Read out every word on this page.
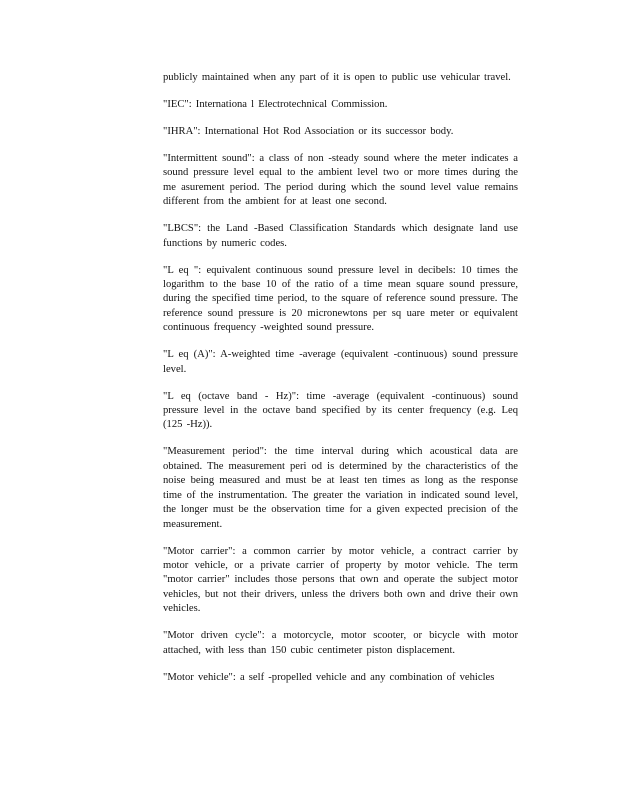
publicly maintained when any part of it is open to public use vehicular travel.

"IEC": Internationa l Electrotechnical Commission.

"IHRA": International Hot Rod Association or its successor body.

"Intermittent sound": a class of non -steady sound where the meter indicates a sound pressure level equal to the ambient level two or more times during the me asurement period. The period during which the sound level value remains different from the ambient for at least one second.

"LBCS": the Land -Based Classification Standards which designate land use functions by numeric codes.

"L eq ": equivalent continuous sound pressure level in decibels: 10 times the logarithm to the base 10 of the ratio of a time mean square sound pressure, during the specified time period, to the square of reference sound pressure. The reference sound pressure is 20 micronewtons per sq uare meter or equivalent continuous frequency -weighted sound pressure.

"L eq (A)": A-weighted time -average (equivalent -continuous) sound pressure level.

"L eq (octave band - Hz)": time -average (equivalent -continuous) sound pressure level in the octave band specified by its center frequency (e.g. Leq (125 -Hz)).

"Measurement period": the time interval during which acoustical data are obtained. The measurement peri od is determined by the characteristics of the noise being measured and must be at least ten times as long as the response time of the instrumentation. The greater the variation in indicated sound level, the longer must be the observation time for a given expected precision of the measurement.

"Motor carrier": a common carrier by motor vehicle, a contract carrier by motor vehicle, or a private carrier of property by motor vehicle. The term "motor carrier" includes those persons that own and operate the subject motor vehicles, but not their drivers, unless the drivers both own and drive their own vehicles.

"Motor driven cycle": a motorcycle, motor scooter, or bicycle with motor attached, with less than 150 cubic centimeter piston displacement.

"Motor vehicle": a self -propelled vehicle and any combination of vehicles
